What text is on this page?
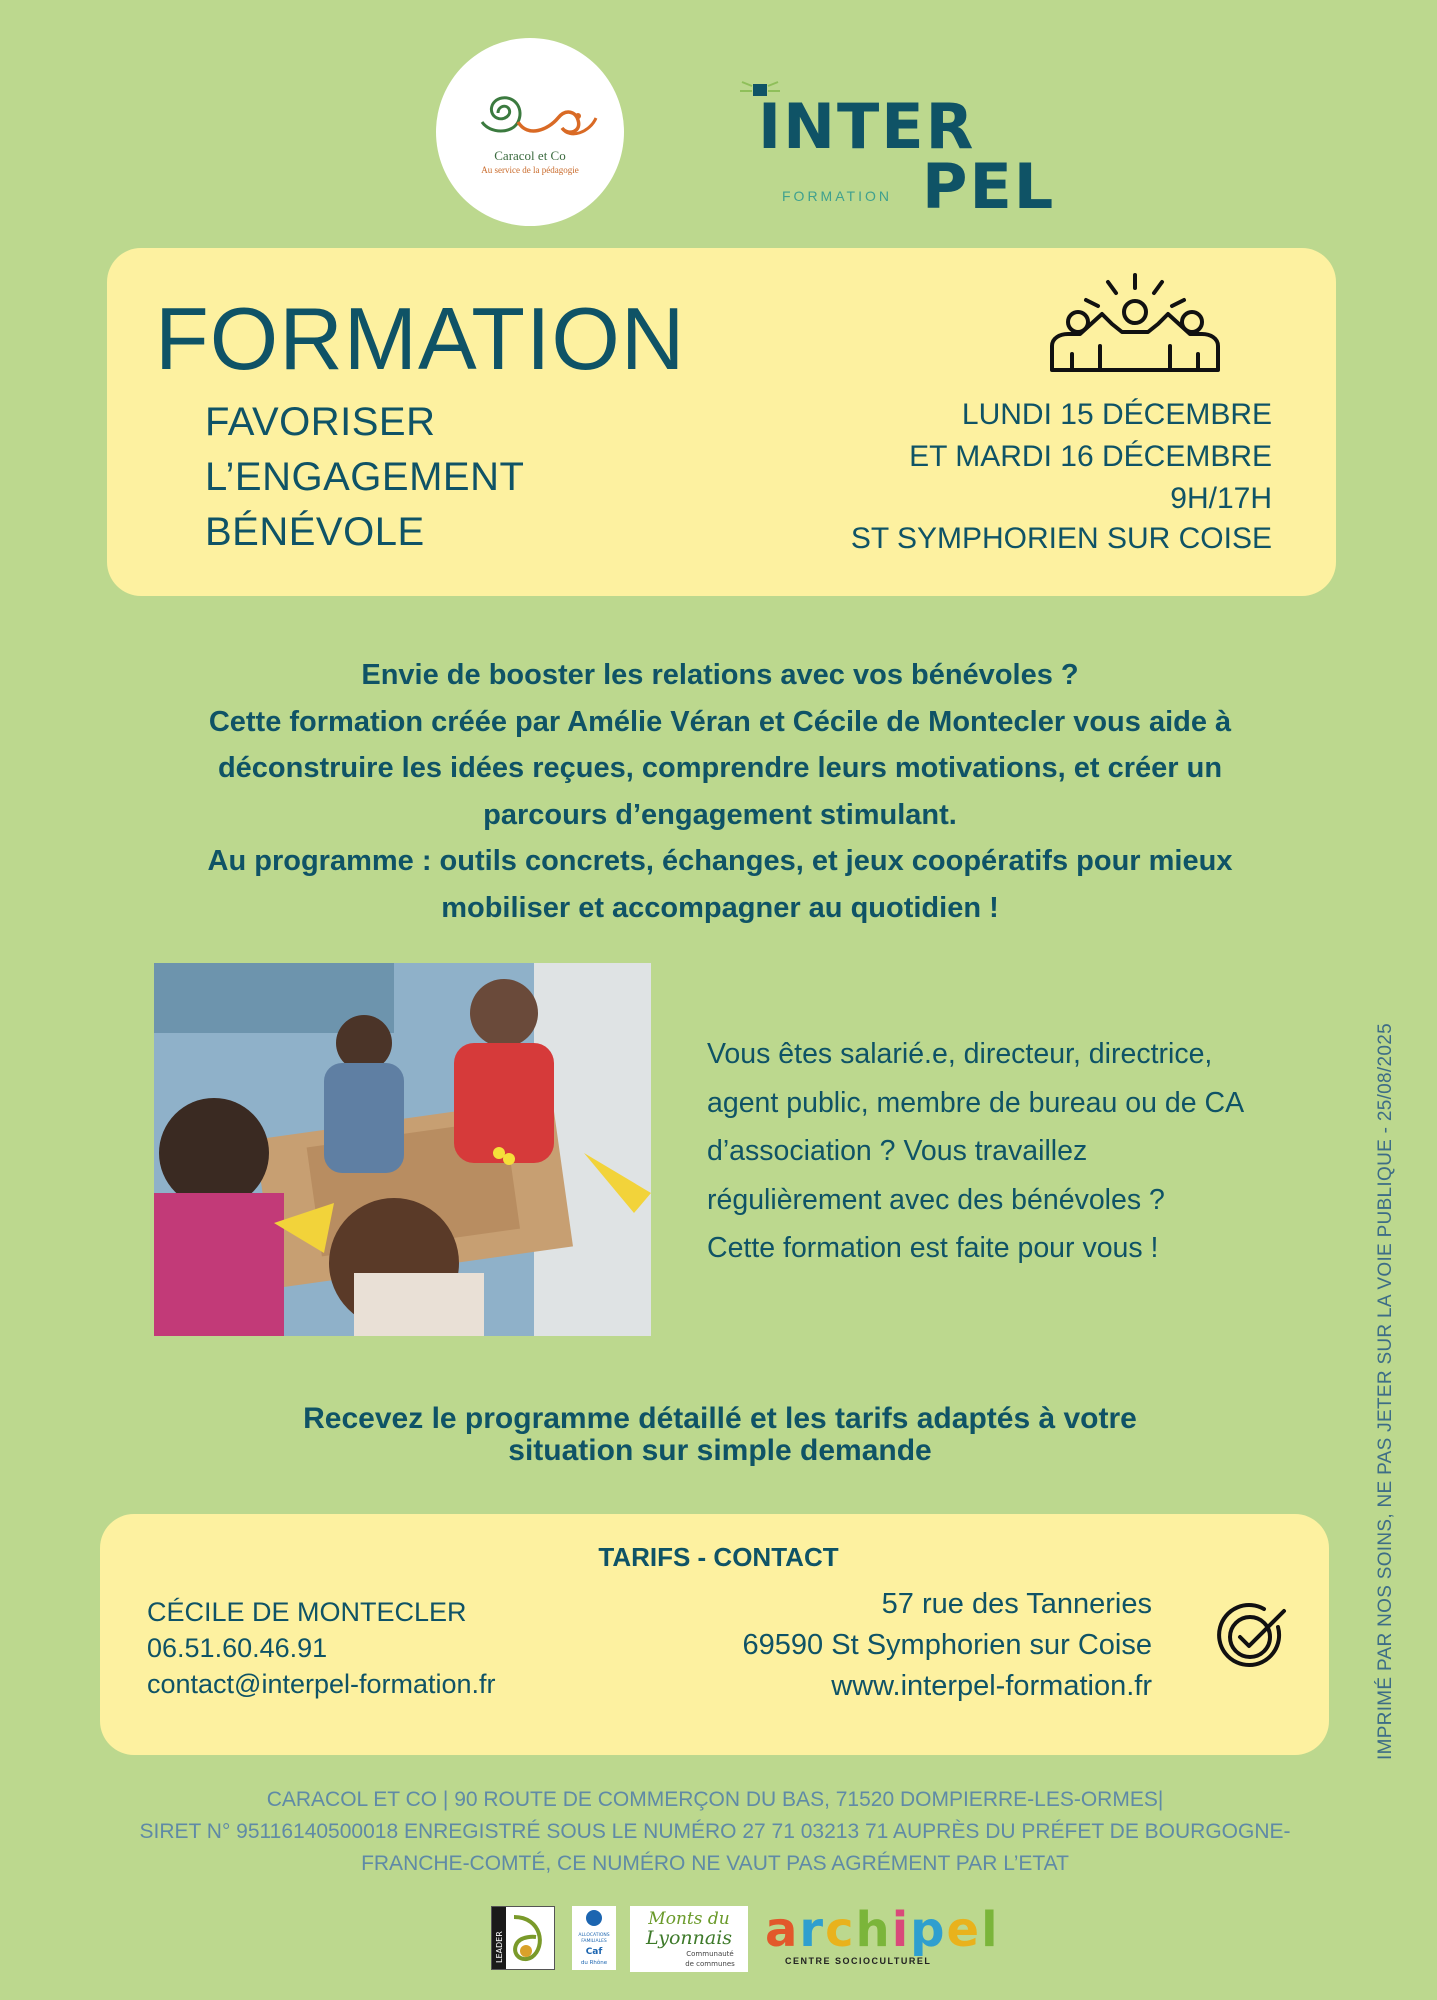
Caracol et Co
Au service de la pédagogie
INTER
FORMATION PEL
FORMATION
FAVORISER
L’ENGAGEMENT
BÉNÉVOLE
LUNDI 15 DÉCEMBRE
ET MARDI 16 DÉCEMBRE
9H/17H
ST SYMPHORIEN SUR COISE
Envie de booster les relations avec vos bénévoles ?
Cette formation créée par Amélie Véran et Cécile de Montecler vous aide à
déconstruire les idées reçues, comprendre leurs motivations, et créer un
parcours d’engagement stimulant.
Au programme : outils concrets, échanges, et jeux coopératifs pour mieux
mobiliser et accompagner au quotidien !
Vous êtes salarié.e, directeur, directrice,
agent public, membre de bureau ou de CA
d’association ? Vous travaillez
régulièrement avec des bénévoles ?
Cette formation est faite pour vous !
Recevez le programme détaillé et les tarifs adaptés à votre
situation sur simple demande
TARIFS - CONTACT
CÉCILE DE MONTECLER
06.51.60.46.91
contact@interpel-formation.fr
57 rue des Tanneries
69590 St Symphorien sur Coise
www.interpel-formation.fr	IMPRIMÉ PAR NOS SOINS, NE PAS JETER SUR LA VOIE PUBLIQUE - 25/08/2025
CARACOL ET CO | 90 ROUTE DE COMMERÇON DU BAS, 71520 DOMPIERRE-LES-ORMES|
SIRET N° 95116140500018 ENREGISTRÉ SOUS LE NUMÉRO 27 71 03213 71 AUPRÈS DU PRÉFET DE BOURGOGNE-
FRANCHE-COMTÉ, CE NUMÉRO NE VAUT PAS AGRÉMENT PAR L’ETAT
LEADER	ALLOCATIONS
FAMILIALES
Caf
du Rhône
Monts du
Lyonnais
Communauté
de communes
archipel
CENTRE SOCIOCULTUREL
